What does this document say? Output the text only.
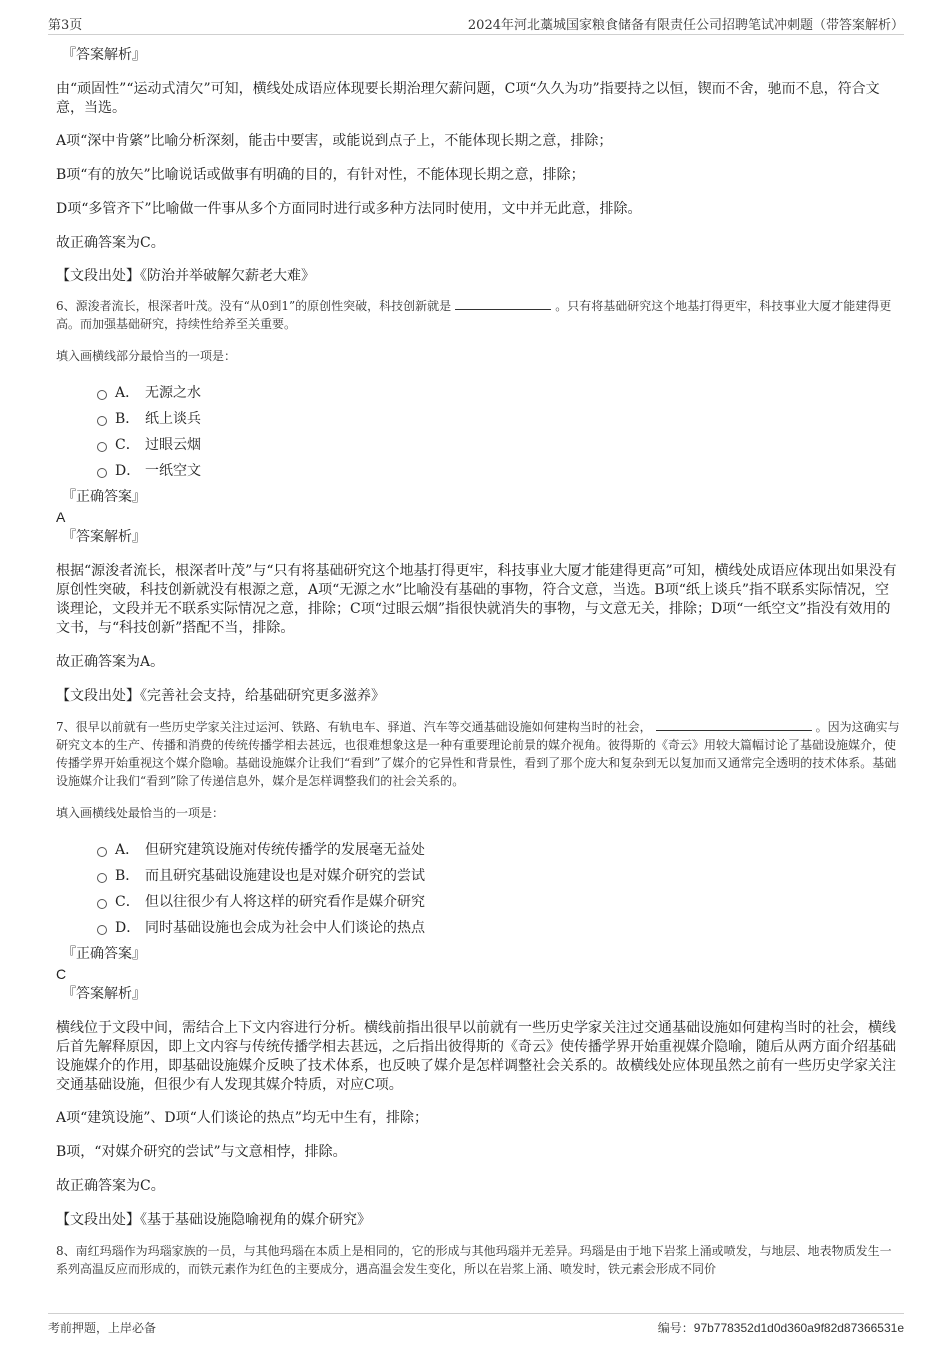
第3页	2024年河北藁城国家粮食储备有限责任公司招聘笔试冲刺题（带答案解析）

『答案解析』

由“顽固性”“运动式清欠”可知，横线处成语应体现要长期治理欠薪问题，C项“久久为功”指要持之以恒，锲而不舍，驰而不息，符合文意，当选。

A项“深中肯綮”比喻分析深刻，能击中要害，或能说到点子上，不能体现长期之意，排除；

B项“有的放矢”比喻说话或做事有明确的目的，有针对性，不能体现长期之意，排除；

D项“多管齐下”比喻做一件事从多个方面同时进行或多种方法同时使用，文中并无此意，排除。

故正确答案为C。

【文段出处】《防治并举破解欠薪老大难》

6、源浚者流长，根深者叶茂。没有“从0到1”的原创性突破，科技创新就是	。只有将基础研究这个地基打得更牢，科技事业大厦才能建得更高。而加强基础研究，持续性给养至关重要。

填入画横线部分最恰当的一项是：

A． 无源之水
B． 纸上谈兵
C． 过眼云烟
D． 一纸空文

『正确答案』

A

『答案解析』

根据“源浚者流长，根深者叶茂”与“只有将基础研究这个地基打得更牢，科技事业大厦才能建得更高”可知，横线处成语应体现出如果没有原创性突破，科技创新就没有根源之意，A项“无源之水”比喻没有基础的事物，符合文意，当选。B项“纸上谈兵”指不联系实际情况，空谈理论，文段并无不联系实际情况之意，排除；C项“过眼云烟”指很快就消失的事物，与文意无关，排除；D项“一纸空文”指没有效用的文书，与“科技创新”搭配不当，排除。

故正确答案为A。

【文段出处】《完善社会支持，给基础研究更多滋养》

7、很早以前就有一些历史学家关注过运河、铁路、有轨电车、驿道、汽车等交通基础设施如何建构当时的社会，	。因为这确实与研究文本的生产、传播和消费的传统传播学相去甚远，也很难想象这是一种有重要理论前景的媒介视角。彼得斯的《奇云》用较大篇幅讨论了基础设施媒介，使传播学界开始重视这个媒介隐喻。基础设施媒介让我们“看到”了媒介的它异性和背景性，看到了那个庞大和复杂到无以复加而又通常完全透明的技术体系。基础设施媒介让我们“看到”除了传递信息外，媒介是怎样调整我们的社会关系的。

填入画横线处最恰当的一项是：

A． 但研究建筑设施对传统传播学的发展毫无益处
B． 而且研究基础设施建设也是对媒介研究的尝试
C． 但以往很少有人将这样的研究看作是媒介研究
D． 同时基础设施也会成为社会中人们谈论的热点

『正确答案』

C

『答案解析』

横线位于文段中间，需结合上下文内容进行分析。横线前指出很早以前就有一些历史学家关注过交通基础设施如何建构当时的社会，横线后首先解释原因，即上文内容与传统传播学相去甚远，之后指出彼得斯的《奇云》使传播学界开始重视媒介隐喻，随后从两方面介绍基础设施媒介的作用，即基础设施媒介反映了技术体系，也反映了媒介是怎样调整社会关系的。故横线处应体现虽然之前有一些历史学家关注交通基础设施，但很少有人发现其媒介特质，对应C项。

A项“建筑设施”、D项“人们谈论的热点”均无中生有，排除；

B项，“对媒介研究的尝试”与文意相悖，排除。

故正确答案为C。

【文段出处】《基于基础设施隐喻视角的媒介研究》

8、南红玛瑙作为玛瑙家族的一员，与其他玛瑙在本质上是相同的，它的形成与其他玛瑙并无差异。玛瑙是由于地下岩浆上涌或喷发，与地层、地表物质发生一系列高温反应而形成的，而铁元素作为红色的主要成分，遇高温会发生变化，所以在岩浆上涌、喷发时，铁元素会形成不同价

考前押题，上岸必备	编号：97b778352d1d0d360a9f82d87366531e
